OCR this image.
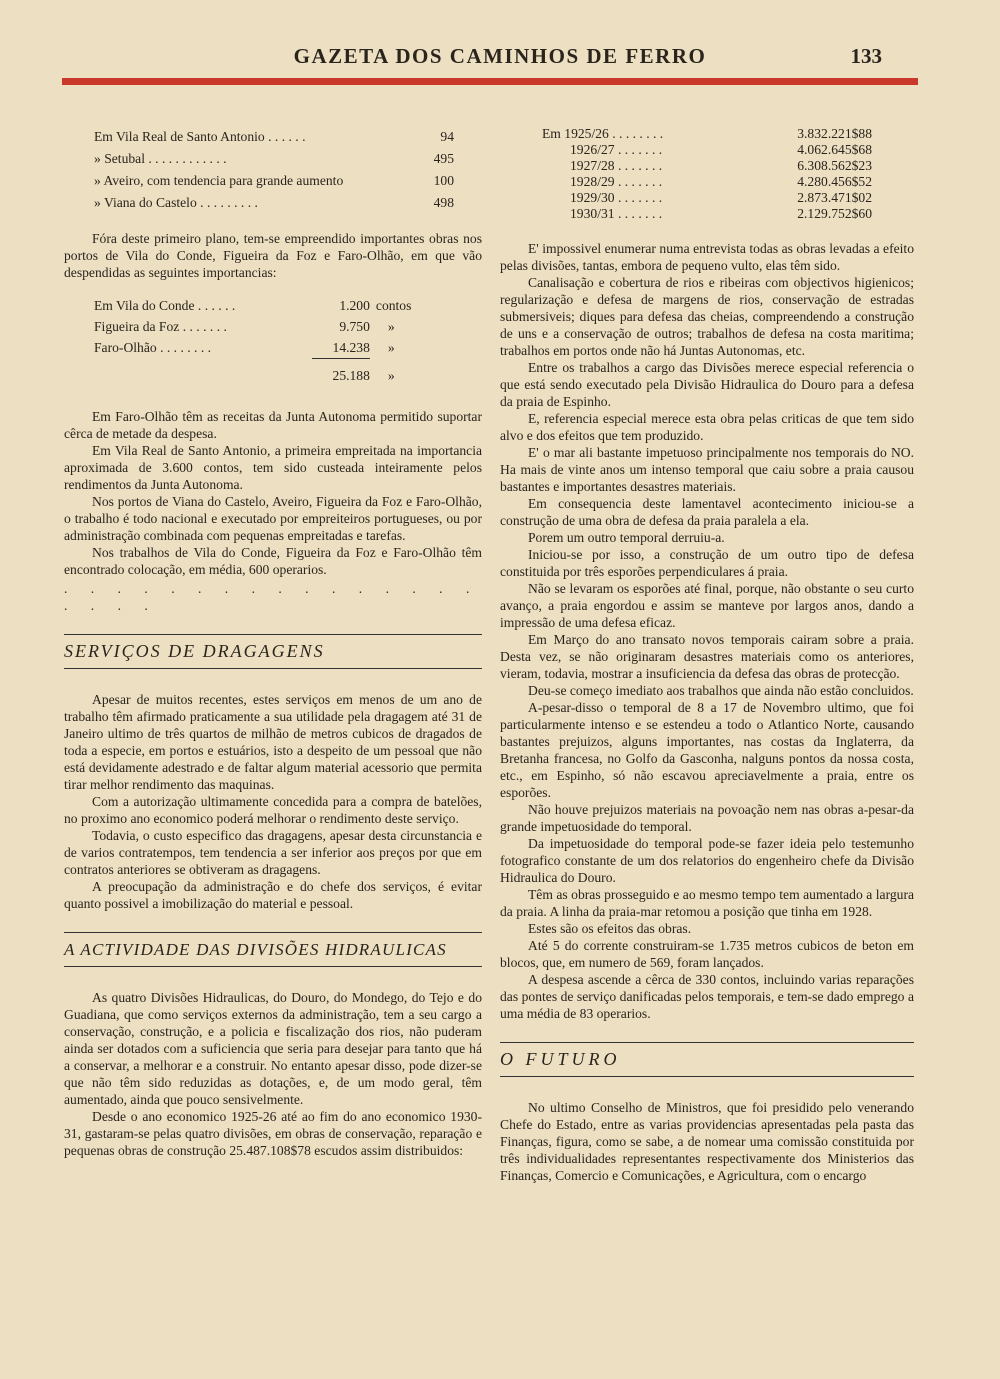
GAZETA DOS CAMINHOS DE FERRO	133
Em Vila Real de Santo Antonio . . . . . .	94
» Setubal . . . . . . . . . . . .	495
» Aveiro, com tendencia para grande aumento	100
» Viana do Castelo . . . . . . . . .	498

Fóra deste primeiro plano, tem-se empreendido importantes obras nos portos de Vila do Conde, Figueira da Foz e Faro-Olhão, em que vão despendidas as seguintes importancias:

Em Vila do Conde . . . . . .	1.200	contos
Figueira da Foz . . . . . . .	9.750	»
Faro-Olhão . . . . . . . .	14.238	»
	25.188	»

Em Faro-Olhão têm as receitas da Junta Autonoma permitido suportar cêrca de metade da despesa.

Em Vila Real de Santo Antonio, a primeira empreitada na importancia aproximada de 3.600 contos, tem sido custeada inteiramente pelos rendimentos da Junta Autonoma.

Nos portos de Viana do Castelo, Aveiro, Figueira da Foz e Faro-Olhão, o trabalho é todo nacional e executado por empreiteiros portugueses, ou por administração combinada com pequenas empreitadas e tarefas.

Nos trabalhos de Vila do Conde, Figueira da Foz e Faro-Olhão têm encontrado colocação, em média, 600 operarios.

. . . . . . . . . . . . . . . . . . . .
SERVIÇOS DE DRAGAGENS

Apesar de muitos recentes, estes serviços em menos de um ano de trabalho têm afirmado praticamente a sua utilidade pela dragagem até 31 de Janeiro ultimo de três quartos de milhão de metros cubicos de dragados de toda a especie, em portos e estuários, isto a despeito de um pessoal que não está devidamente adestrado e de faltar algum material acessorio que permita tirar melhor rendimento das maquinas.

Com a autorização ultimamente concedida para a compra de batelões, no proximo ano economico poderá melhorar o rendimento deste serviço.

Todavia, o custo especifico das dragagens, apesar desta circunstancia e de varios contratempos, tem tendencia a ser inferior aos preços por que em contratos anteriores se obtiveram as dragagens.

A preocupação da administração e do chefe dos serviços, é evitar quanto possivel a imobilização do material e pessoal.

A ACTIVIDADE DAS DIVISÕES HIDRAULICAS

As quatro Divisões Hidraulicas, do Douro, do Mondego, do Tejo e do Guadiana, que como serviços externos da administração, tem a seu cargo a conservação, construção, e a policia e fiscalização dos rios, não puderam ainda ser dotados com a suficiencia que seria para desejar para tanto que há a conservar, a melhorar e a construir. No entanto apesar disso, pode dizer-se que não têm sido reduzidas as dotações, e, de um modo geral, têm aumentado, ainda que pouco sensivelmente.

Desde o ano economico 1925-26 até ao fim do ano economico 1930-31, gastaram-se pelas quatro divisões, em obras de conservação, reparação e pequenas obras de construção 25.487.108$78 escudos assim distribuidos:

Em 1925/26 . . . . . . . .	3.832.221$88
1926/27 . . . . . . .	4.062.645$68
1927/28 . . . . . . .	6.308.562$23
1928/29 . . . . . . .	4.280.456$52
1929/30 . . . . . . .	2.873.471$02
1930/31 . . . . . . .	2.129.752$60

E' impossivel enumerar numa entrevista todas as obras levadas a efeito pelas divisões, tantas, embora de pequeno vulto, elas têm sido.

Canalisação e cobertura de rios e ribeiras com objectivos higienicos; regularização e defesa de margens de rios, conservação de estradas submersiveis; diques para defesa das cheias, compreendendo a construção de uns e a conservação de outros; trabalhos de defesa na costa maritima; trabalhos em portos onde não há Juntas Autonomas, etc.

Entre os trabalhos a cargo das Divisões merece especial referencia o que está sendo executado pela Divisão Hidraulica do Douro para a defesa da praia de Espinho.

E, referencia especial merece esta obra pelas criticas de que tem sido alvo e dos efeitos que tem produzido.

E' o mar ali bastante impetuoso principalmente nos temporais do NO. Ha mais de vinte anos um intenso temporal que caiu sobre a praia causou bastantes e importantes desastres materiais.

Em consequencia deste lamentavel acontecimento iniciou-se a construção de uma obra de defesa da praia paralela a ela.

Porem um outro temporal derruiu-a.

Iniciou-se por isso, a construção de um outro tipo de defesa constituida por três esporões perpendiculares á praia.

Não se levaram os esporões até final, porque, não obstante o seu curto avanço, a praia engordou e assim se manteve por largos anos, dando a impressão de uma defesa eficaz.

Em Março do ano transato novos temporais cairam sobre a praia. Desta vez, se não originaram desastres materiais como os anteriores, vieram, todavia, mostrar a insuficiencia da defesa das obras de protecção.

Deu-se começo imediato aos trabalhos que ainda não estão concluidos.

A-pesar-disso o temporal de 8 a 17 de Novembro ultimo, que foi particularmente intenso e se estendeu a todo o Atlantico Norte, causando bastantes prejuizos, alguns importantes, nas costas da Inglaterra, da Bretanha francesa, no Golfo da Gasconha, nalguns pontos da nossa costa, etc., em Espinho, só não escavou apreciavelmente a praia, entre os esporões.

Não houve prejuizos materiais na povoação nem nas obras a-pesar-da grande impetuosidade do temporal.

Da impetuosidade do temporal pode-se fazer ideia pelo testemunho fotografico constante de um dos relatorios do engenheiro chefe da Divisão Hidraulica do Douro.

Têm as obras prosseguido e ao mesmo tempo tem aumentado a largura da praia. A linha da praia-mar retomou a posição que tinha em 1928.

Estes são os efeitos das obras.

Até 5 do corrente construiram-se 1.735 metros cubicos de beton em blocos, que, em numero de 569, foram lançados.

A despesa ascende a cêrca de 330 contos, incluindo varias reparações das pontes de serviço danificadas pelos temporais, e tem-se dado emprego a uma média de 83 operarios.

O FUTURO

No ultimo Conselho de Ministros, que foi presidido pelo venerando Chefe do Estado, entre as varias providencias apresentadas pela pasta das Finanças, figura, como se sabe, a de nomear uma comissão constituida por três individualidades representantes respectivamente dos Ministerios das Finanças, Comercio e Comunicações, e Agricultura, com o encargo
